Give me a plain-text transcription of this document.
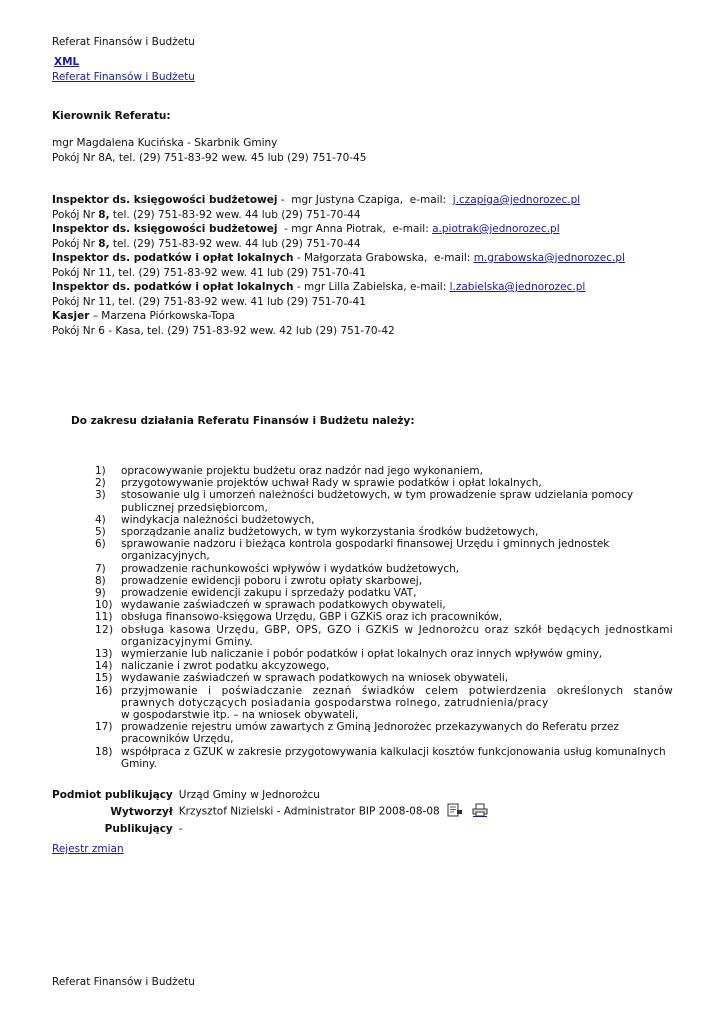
Referat Finansów i Budżetu
XML
Referat Finansów i Budżetu
Kierownik Referatu:
mgr Magdalena Kucińska - Skarbnik Gminy
Pokój Nr 8A, tel. (29) 751-83-92 wew. 45 lub (29) 751-70-45
Inspektor ds. księgowości budżetowej -  mgr Justyna Czapiga,  e-mail:  j.czapiga@jednorozec.pl
Pokój Nr 8, tel. (29) 751-83-92 wew. 44 lub (29) 751-70-44
Inspektor ds. księgowości budżetowej  - mgr Anna Piotrak,  e-mail: a.piotrak@jednorozec.pl
Pokój Nr 8, tel. (29) 751-83-92 wew. 44 lub (29) 751-70-44
Inspektor ds. podatków i opłat lokalnych - Małgorzata Grabowska,  e-mail: m.grabowska@jednorozec.pl
Pokój Nr 11, tel. (29) 751-83-92 wew. 41 lub (29) 751-70-41
Inspektor ds. podatków i opłat lokalnych - mgr Lilla Zabielska, e-mail: l.zabielska@jednorozec.pl
Pokój Nr 11, tel. (29) 751-83-92 wew. 41 lub (29) 751-70-41
Kasjer – Marzena Piórkowska-Topa
Pokój Nr 6 - Kasa, tel. (29) 751-83-92 wew. 42 lub (29) 751-70-42
Do zakresu działania Referatu Finansów i Budżetu należy:
1) opracowywanie projektu budżetu oraz nadzór nad jego wykonaniem,
2) przygotowywanie projektów uchwał Rady w sprawie podatków i opłat lokalnych,
3) stosowanie ulg i umorzeń należności budżetowych, w tym prowadzenie spraw udzielania pomocy publicznej przedsiębiorcom,
4) windykacja należności budżetowych,
5) sporządzanie analiz budżetowych, w tym wykorzystania środków budżetowych,
6) sprawowanie nadzoru i bieżąca kontrola gospodarki finansowej Urzędu i gminnych jednostek organizacyjnych,
7) prowadzenie rachunkowości wpływów i wydatków budżetowych,
8) prowadzenie ewidencji poboru i zwrotu opłaty skarbowej,
9) prowadzenie ewidencji zakupu i sprzedaży podatku VAT,
10) wydawanie zaświadczeń w sprawach podatkowych obywateli,
11) obsługa finansowo-księgowa Urzędu, GBP i GZKiS oraz ich pracowników,
12) obsługa kasowa Urzędu, GBP, OPS, GZO i GZKiS w Jednorożcu oraz szkół będących jednostkami organizacyjnymi Gminy.
13) wymierzanie lub naliczanie i pobór podatków i opłat lokalnych oraz innych wpływów gminy,
14) naliczanie i zwrot podatku akcyzowego,
15) wydawanie zaświadczeń w sprawach podatkowych na wniosek obywateli,
16) przyjmowanie i poświadczanie zeznań świadków celem potwierdzenia określonych stanów prawnych dotyczących posiadania gospodarstwa rolnego, zatrudnienia/pracy
w gospodarstwie itp. – na wniosek obywateli,
17) prowadzenie rejestru umów zawartych z Gminą Jednorożec przekazywanych do Referatu przez pracowników Urzędu,
18) współpraca z GZUK w zakresie przygotowywania kalkulacji kosztów funkcjonowania usług komunalnych Gminy.
Podmiot publikujący	Urząd Gminy w Jednorożcu
Wytworzył	Krzysztof Nizielski - Administrator BIP 2008-08-08
Publikujący	-
Rejestr zmian
Referat Finansów i Budżetu
